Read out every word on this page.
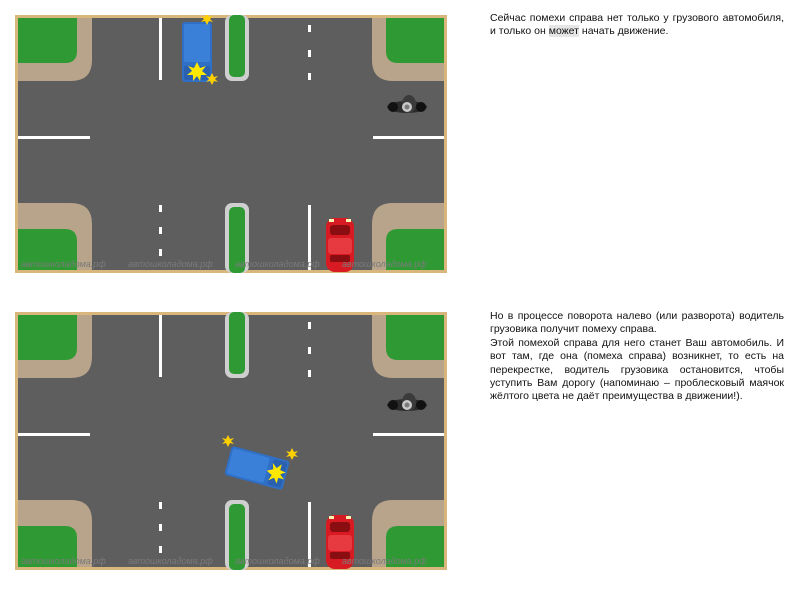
автошколадома.рф автошколадома.рф автошколадома.рф автошколадома.рф
автошколадома.рф автошколадома.рф автошколадома.рф автошколадома.рф
Сейчас помехи справа нет только у грузового автомобиля, и только он может начать движение.
Но в процессе поворота налево (или разворота) водитель грузовика получит помеху справа.
Этой помехой справа для него станет Ваш автомобиль. И вот там, где она (помеха справа) возникнет, то есть на перекрестке, водитель грузовика остановится, чтобы уступить Вам дорогу (напоминаю – проблесковый маячок жёлтого цвета не даёт преимущества в движении!).
